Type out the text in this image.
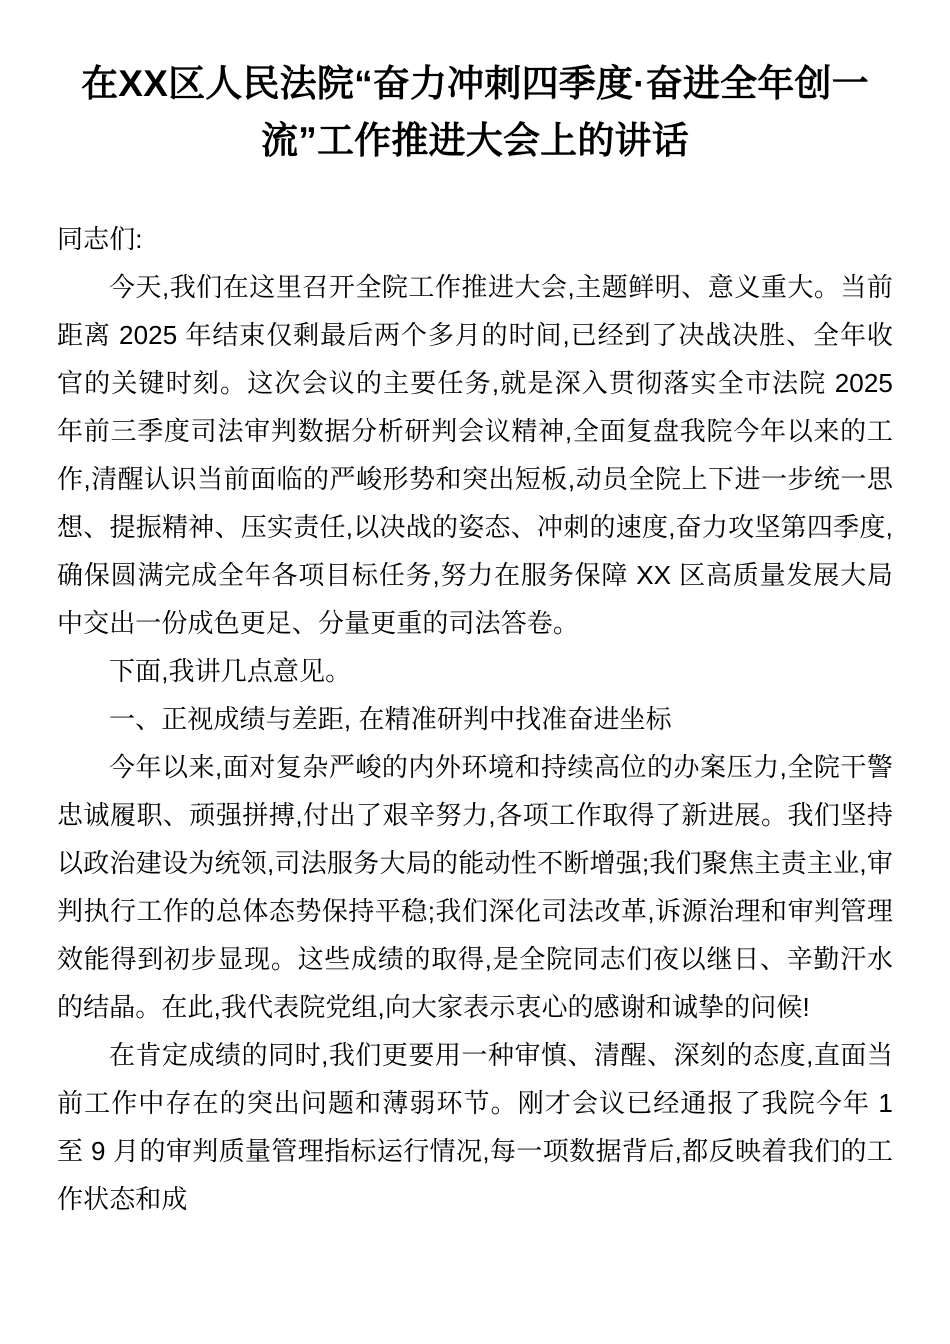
在XX区人民法院“奋力冲刺四季度·奋进全年创一流”工作推进大会上的讲话

同志们:

今天,我们在这里召开全院工作推进大会,主题鲜明、意义重大。当前距离 2025 年结束仅剩最后两个多月的时间,已经到了决战决胜、全年收官的关键时刻。这次会议的主要任务,就是深入贯彻落实全市法院 2025 年前三季度司法审判数据分析研判会议精神,全面复盘我院今年以来的工作,清醒认识当前面临的严峻形势和突出短板,动员全院上下进一步统一思想、提振精神、压实责任,以决战的姿态、冲刺的速度,奋力攻坚第四季度,确保圆满完成全年各项目标任务,努力在服务保障 XX 区高质量发展大局中交出一份成色更足、分量更重的司法答卷。

下面,我讲几点意见。

一、正视成绩与差距, 在精准研判中找准奋进坐标

今年以来,面对复杂严峻的内外环境和持续高位的办案压力,全院干警忠诚履职、顽强拼搏,付出了艰辛努力,各项工作取得了新进展。我们坚持以政治建设为统领,司法服务大局的能动性不断增强;我们聚焦主责主业,审判执行工作的总体态势保持平稳;我们深化司法改革,诉源治理和审判管理效能得到初步显现。这些成绩的取得,是全院同志们夜以继日、辛勤汗水的结晶。在此,我代表院党组,向大家表示衷心的感谢和诚挚的问候!

在肯定成绩的同时,我们更要用一种审慎、清醒、深刻的态度,直面当前工作中存在的突出问题和薄弱环节。刚才会议已经通报了我院今年 1 至 9 月的审判质量管理指标运行情况,每一项数据背后,都反映着我们的工作状态和成
